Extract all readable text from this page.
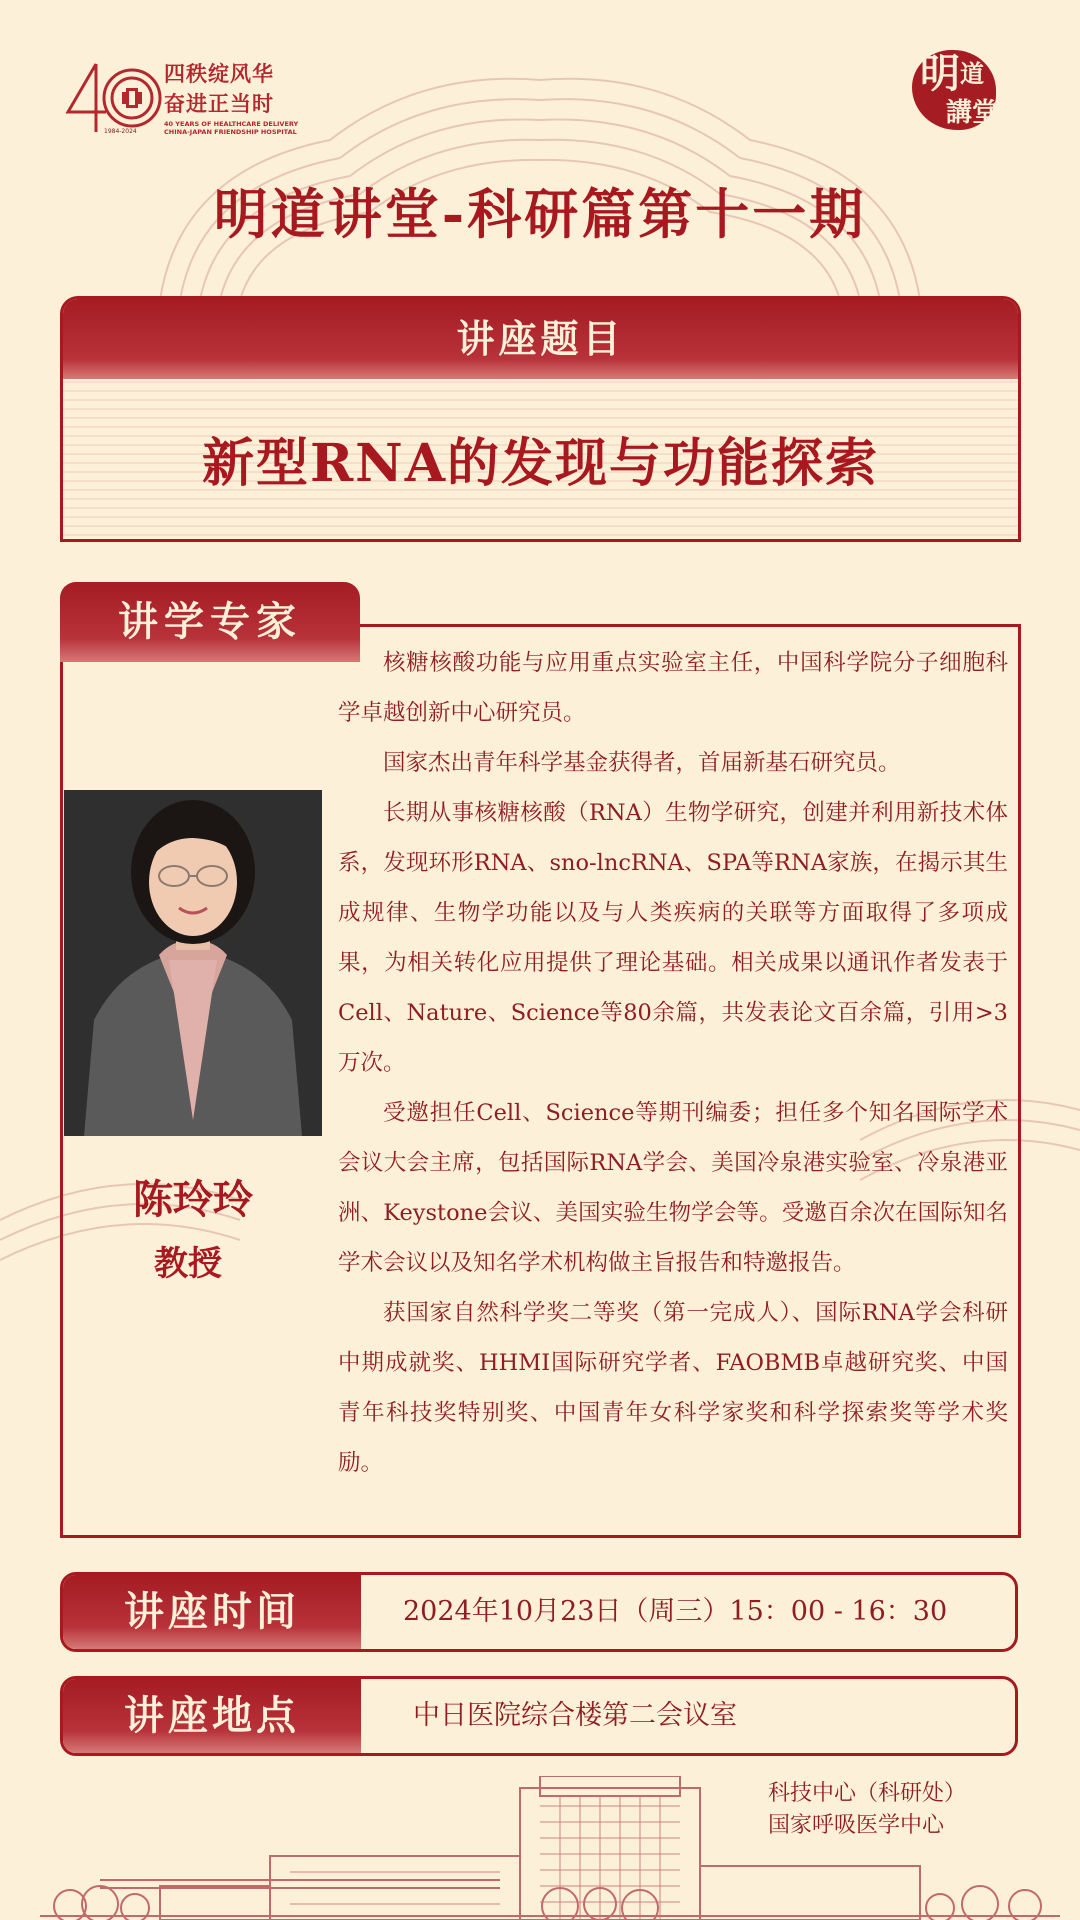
1984-2024
四秩绽风华
奋进正当时
40 YEARS OF HEALTHCARE DELIVERY
CHINA-JAPAN FRIENDSHIP HOSPITAL
明 道
講堂
明道讲堂-科研篇第十一期
讲座题目
新型RNA的发现与功能探索
讲学专家
陈玲玲
教授

核糖核酸功能与应用重点实验室主任，中国科学院分子细胞科学卓越创新中心研究员。

国家杰出青年科学基金获得者，首届新基石研究员。

长期从事核糖核酸（RNA）生物学研究，创建并利用新技术体系，发现环形RNA、sno-lncRNA、SPA等RNA家族，在揭示其生成规律、生物学功能以及与人类疾病的关联等方面取得了多项成果，为相关转化应用提供了理论基础。相关成果以通讯作者发表于Cell、Nature、Science等80余篇，共发表论文百余篇，引用>3万次。

受邀担任Cell、Science等期刊编委；担任多个知名国际学术会议大会主席，包括国际RNA学会、美国冷泉港实验室、冷泉港亚洲、Keystone会议、美国实验生物学会等。受邀百余次在国际知名学术会议以及知名学术机构做主旨报告和特邀报告。

获国家自然科学奖二等奖（第一完成人）、国际RNA学会科研中期成就奖、HHMI国际研究学者、FAOBMB卓越研究奖、中国青年科技奖特别奖、中国青年女科学家奖和科学探索奖等学术奖励。

讲座时间	2024年10月23日（周三）15：00 - 16：30
讲座地点	中日医院综合楼第二会议室
科技中心（科研处）
国家呼吸医学中心
